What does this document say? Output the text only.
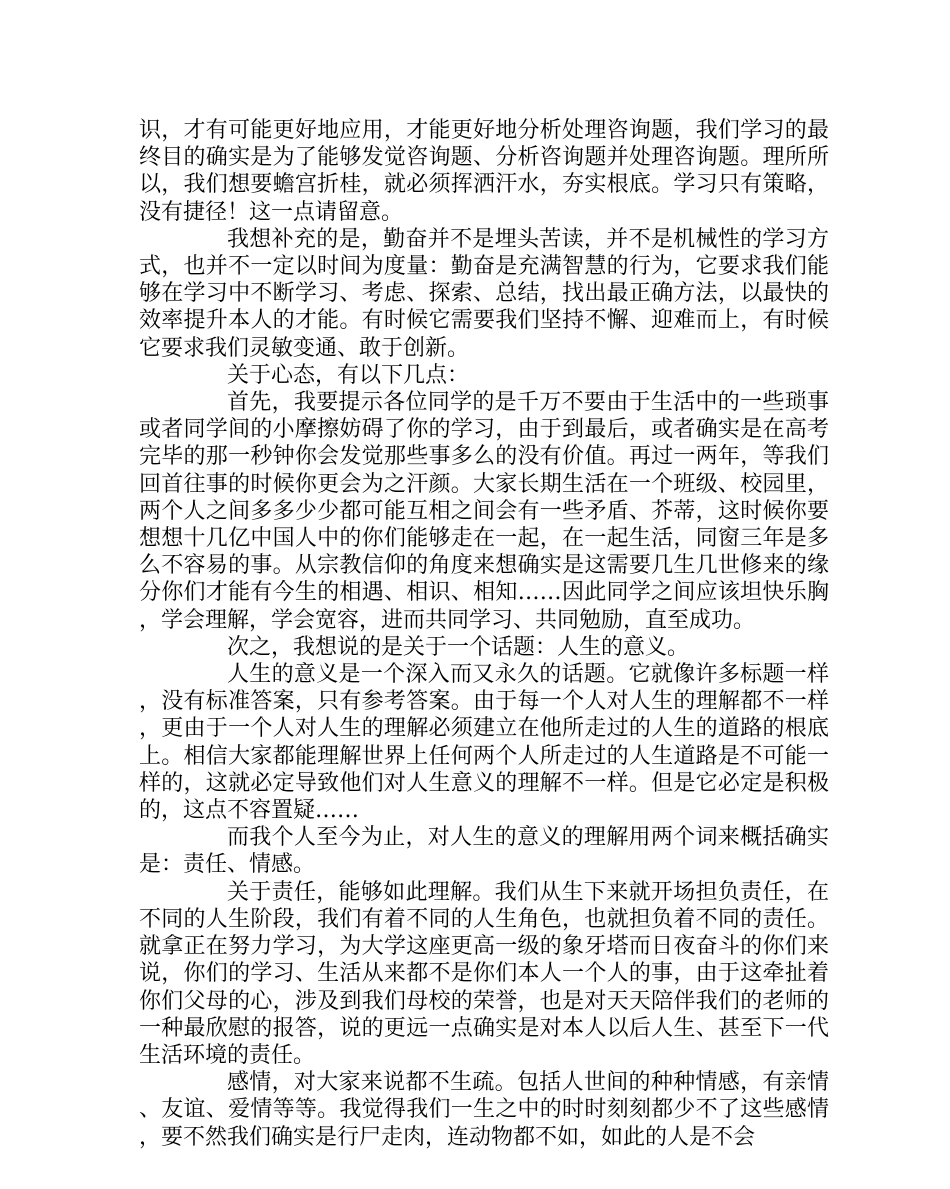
识，才有可能更好地应用，才能更好地分析处理咨询题，我们学习的最终目的确实是为了能够发觉咨询题、分析咨询题并处理咨询题。理所所以，我们想要蟾宫折桂，就必须挥洒汗水，夯实根底。学习只有策略，没有捷径！这一点请留意。

我想补充的是，勤奋并不是埋头苦读，并不是机械性的学习方式，也并不一定以时间为度量：勤奋是充满智慧的行为，它要求我们能够在学习中不断学习、考虑、探索、总结，找出最正确方法，以最快的效率提升本人的才能。有时候它需要我们坚持不懈、迎难而上，有时候它要求我们灵敏变通、敢于创新。

关于心态，有以下几点：

首先，我要提示各位同学的是千万不要由于生活中的一些琐事或者同学间的小摩擦妨碍了你的学习，由于到最后，或者确实是在高考完毕的那一秒钟你会发觉那些事多么的没有价值。再过一两年，等我们回首往事的时候你更会为之汗颜。大家长期生活在一个班级、校园里，两个人之间多多少少都可能互相之间会有一些矛盾、芥蒂，这时候你要想想十几亿中国人中的你们能够走在一起，在一起生活，同窗三年是多么不容易的事。从宗教信仰的角度来想确实是这需要几生几世修来的缘分你们才能有今生的相遇、相识、相知……因此同学之间应该坦快乐胸，学会理解，学会宽容，进而共同学习、共同勉励，直至成功。

次之，我想说的是关于一个话题：人生的意义。

人生的意义是一个深入而又永久的话题。它就像许多标题一样，没有标准答案，只有参考答案。由于每一个人对人生的理解都不一样，更由于一个人对人生的理解必须建立在他所走过的人生的道路的根底上。相信大家都能理解世界上任何两个人所走过的人生道路是不可能一样的，这就必定导致他们对人生意义的理解不一样。但是它必定是积极的，这点不容置疑……

而我个人至今为止，对人生的意义的理解用两个词来概括确实是：责任、情感。

关于责任，能够如此理解。我们从生下来就开场担负责任，在不同的人生阶段，我们有着不同的人生角色，也就担负着不同的责任。就拿正在努力学习，为大学这座更高一级的象牙塔而日夜奋斗的你们来说，你们的学习、生活从来都不是你们本人一个人的事，由于这牵扯着你们父母的心，涉及到我们母校的荣誉，也是对天天陪伴我们的老师的一种最欣慰的报答，说的更远一点确实是对本人以后人生、甚至下一代生活环境的责任。

感情，对大家来说都不生疏。包括人世间的种种情感，有亲情、友谊、爱情等等。我觉得我们一生之中的时时刻刻都少不了这些感情，要不然我们确实是行尸走肉，连动物都不如，如此的人是不会
